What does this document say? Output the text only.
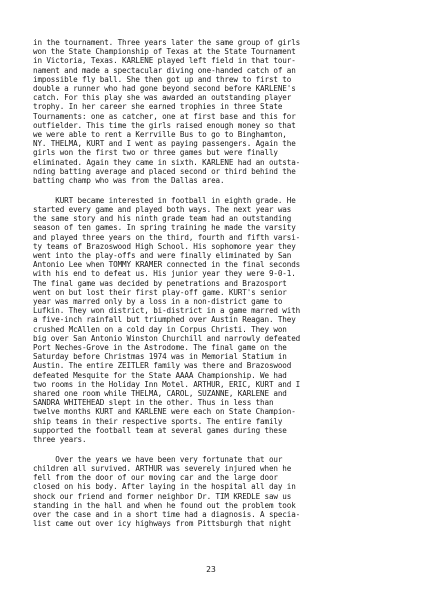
in the tournament. Three years later the same group of girls
won the State Championship of Texas at the State Tournament
in Victoria, Texas. KARLENE played left field in that tour-
nament and made a spectacular diving one-handed catch of an
impossible fly ball. She then got up and threw to first to
double a runner who had gone beyond second before KARLENE's
catch. For this play she was awarded an outstanding player
trophy. In her career she earned trophies in three State
Tournaments: one as catcher, one at first base and this for
outfielder. This time the girls raised enough money so that
we were able to rent a Kerrville Bus to go to Binghamton,
NY. THELMA, KURT and I went as paying passengers. Again the
girls won the first two or three games but were finally
eliminated. Again they came in sixth. KARLENE had an outsta-
nding batting average and placed second or third behind the
batting champ who was from the Dallas area.
KURT became interested in football in eighth grade. He
started every game and played both ways. The next year was
the same story and his ninth grade team had an outstanding
season of ten games. In spring training he made the varsity
and played three years on the third, fourth and fifth varsi-
ty teams of Brazoswood High School. His sophomore year they
went into the play-offs and were finally eliminated by San
Antonio Lee when TOMMY KRAMER connected in the final seconds
with his end to defeat us. His junior year they were 9-0-1.
The final game was decided by penetrations and Brazosport
went on but lost their first play-off game. KURT's senior
year was marred only by a loss in a non-district game to
Lufkin. They won district, bi-district in a game marred with
a five-inch rainfall but triumphed over Austin Reagan. They
crushed McAllen on a cold day in Corpus Christi. They won
big over San Antonio Winston Churchill and narrowly defeated
Port Neches-Grove in the Astrodome. The final game on the
Saturday before Christmas 1974 was in Memorial Statium in
Austin. The entire ZEITLER family was there and Brazoswood
defeated Mesquite for the State AAAA Championship. We had
two rooms in the Holiday Inn Motel. ARTHUR, ERIC, KURT and I
shared one room while THELMA, CAROL, SUZANNE, KARLENE and
SANDRA WHITEHEAD slept in the other. Thus in less than
twelve months KURT and KARLENE were each on State Champion-
ship teams in their respective sports. The entire family
supported the football team at several games during these
three years.
Over the years we have been very fortunate that our
children all survived. ARTHUR was severely injured when he
fell from the door of our moving car and the large door
closed on his body. After laying in the hospital all day in
shock our friend and former neighbor Dr. TIM KREDLE saw us
standing in the hall and when he found out the problem took
over the case and in a short time had a diagnosis. A specia-
list came out over icy highways from Pittsburgh that night
23
